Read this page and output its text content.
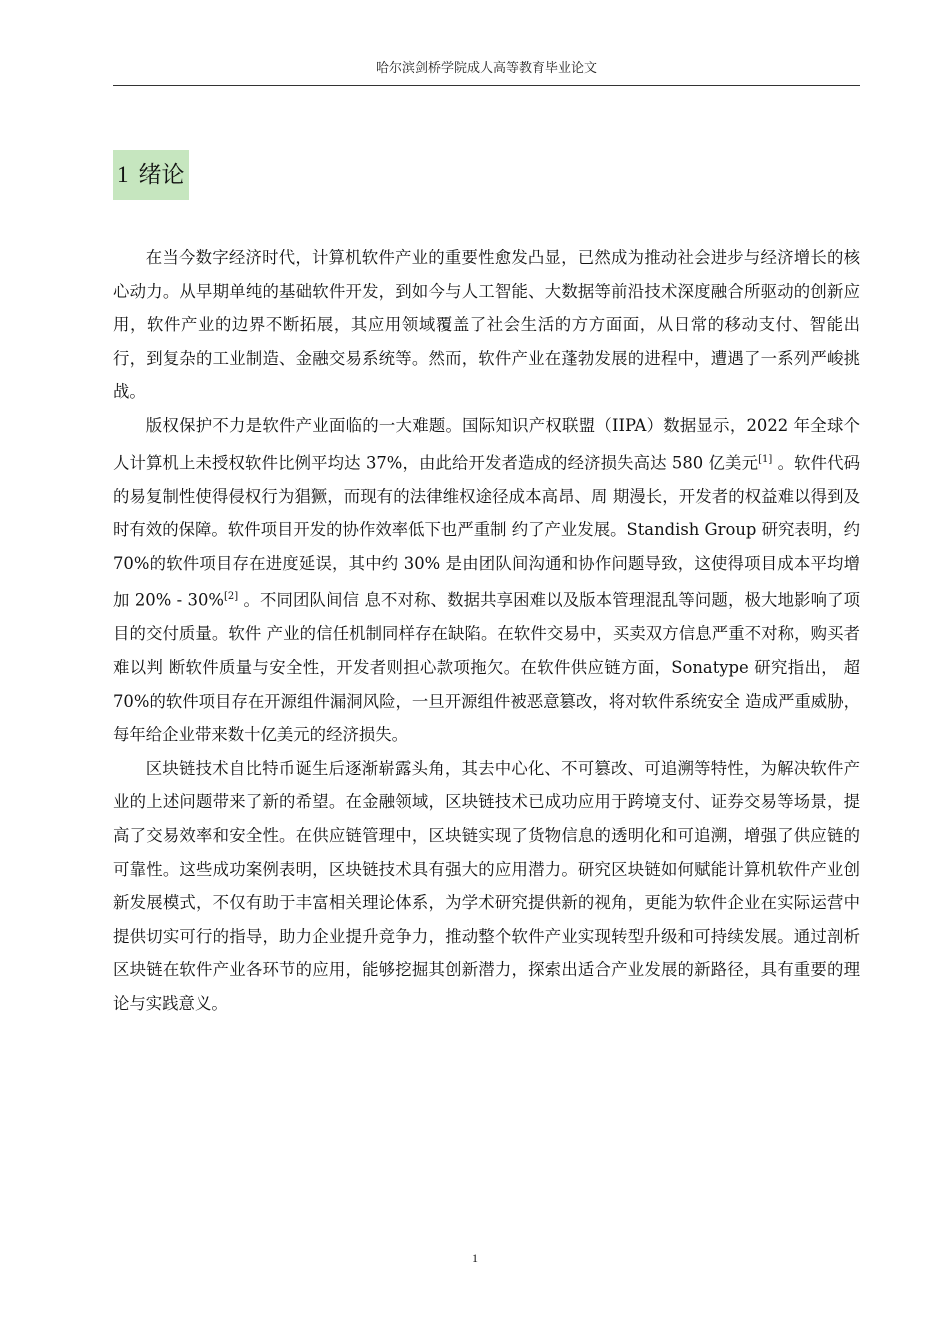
哈尔滨剑桥学院成人高等教育毕业论文
1 绪论

在当今数字经济时代，计算机软件产业的重要性愈发凸显，已然成为推动社会进步与经济增长的核心动力。从早期单纯的基础软件开发，到如今与人工智能、大数据等前沿技术深度融合所驱动的创新应用，软件产业的边界不断拓展，其应用领域覆盖了社会生活的方方面面，从日常的移动支付、智能出行，到复杂的工业制造、金融交易系统等。然而，软件产业在蓬勃发展的进程中，遭遇了一系列严峻挑战。

版权保护不力是软件产业面临的一大难题。国际知识产权联盟（IIPA）数据显示，2022 年全球个人计算机上未授权软件比例平均达 37%，由此给开发者造成的经济损失高达 580 亿美元[1] 。软件代码的易复制性使得侵权行为猖獗，而现有的法律维权途径成本高昂、周 期漫长，开发者的权益难以得到及时有效的保障。软件项目开发的协作效率低下也严重制 约了产业发展。Standish Group 研究表明，约 70%的软件项目存在进度延误，其中约 30% 是由团队间沟通和协作问题导致，这使得项目成本平均增加 20% - 30%[2] 。不同团队间信 息不对称、数据共享困难以及版本管理混乱等问题，极大地影响了项目的交付质量。软件 产业的信任机制同样存在缺陷。在软件交易中，买卖双方信息严重不对称，购买者难以判 断软件质量与安全性，开发者则担心款项拖欠。在软件供应链方面，Sonatype 研究指出， 超 70%的软件项目存在开源组件漏洞风险，一旦开源组件被恶意篡改，将对软件系统安全 造成严重威胁，每年给企业带来数十亿美元的经济损失。

区块链技术自比特币诞生后逐渐崭露头角，其去中心化、不可篡改、可追溯等特性，为解决软件产业的上述问题带来了新的希望。在金融领域，区块链技术已成功应用于跨境支付、证券交易等场景，提高了交易效率和安全性。在供应链管理中，区块链实现了货物信息的透明化和可追溯，增强了供应链的可靠性。这些成功案例表明，区块链技术具有强大的应用潜力。研究区块链如何赋能计算机软件产业创新发展模式，不仅有助于丰富相关理论体系，为学术研究提供新的视角，更能为软件企业在实际运营中提供切实可行的指导，助力企业提升竞争力，推动整个软件产业实现转型升级和可持续发展。通过剖析区块链在软件产业各环节的应用，能够挖掘其创新潜力，探索出适合产业发展的新路径，具有重要的理论与实践意义。

1
